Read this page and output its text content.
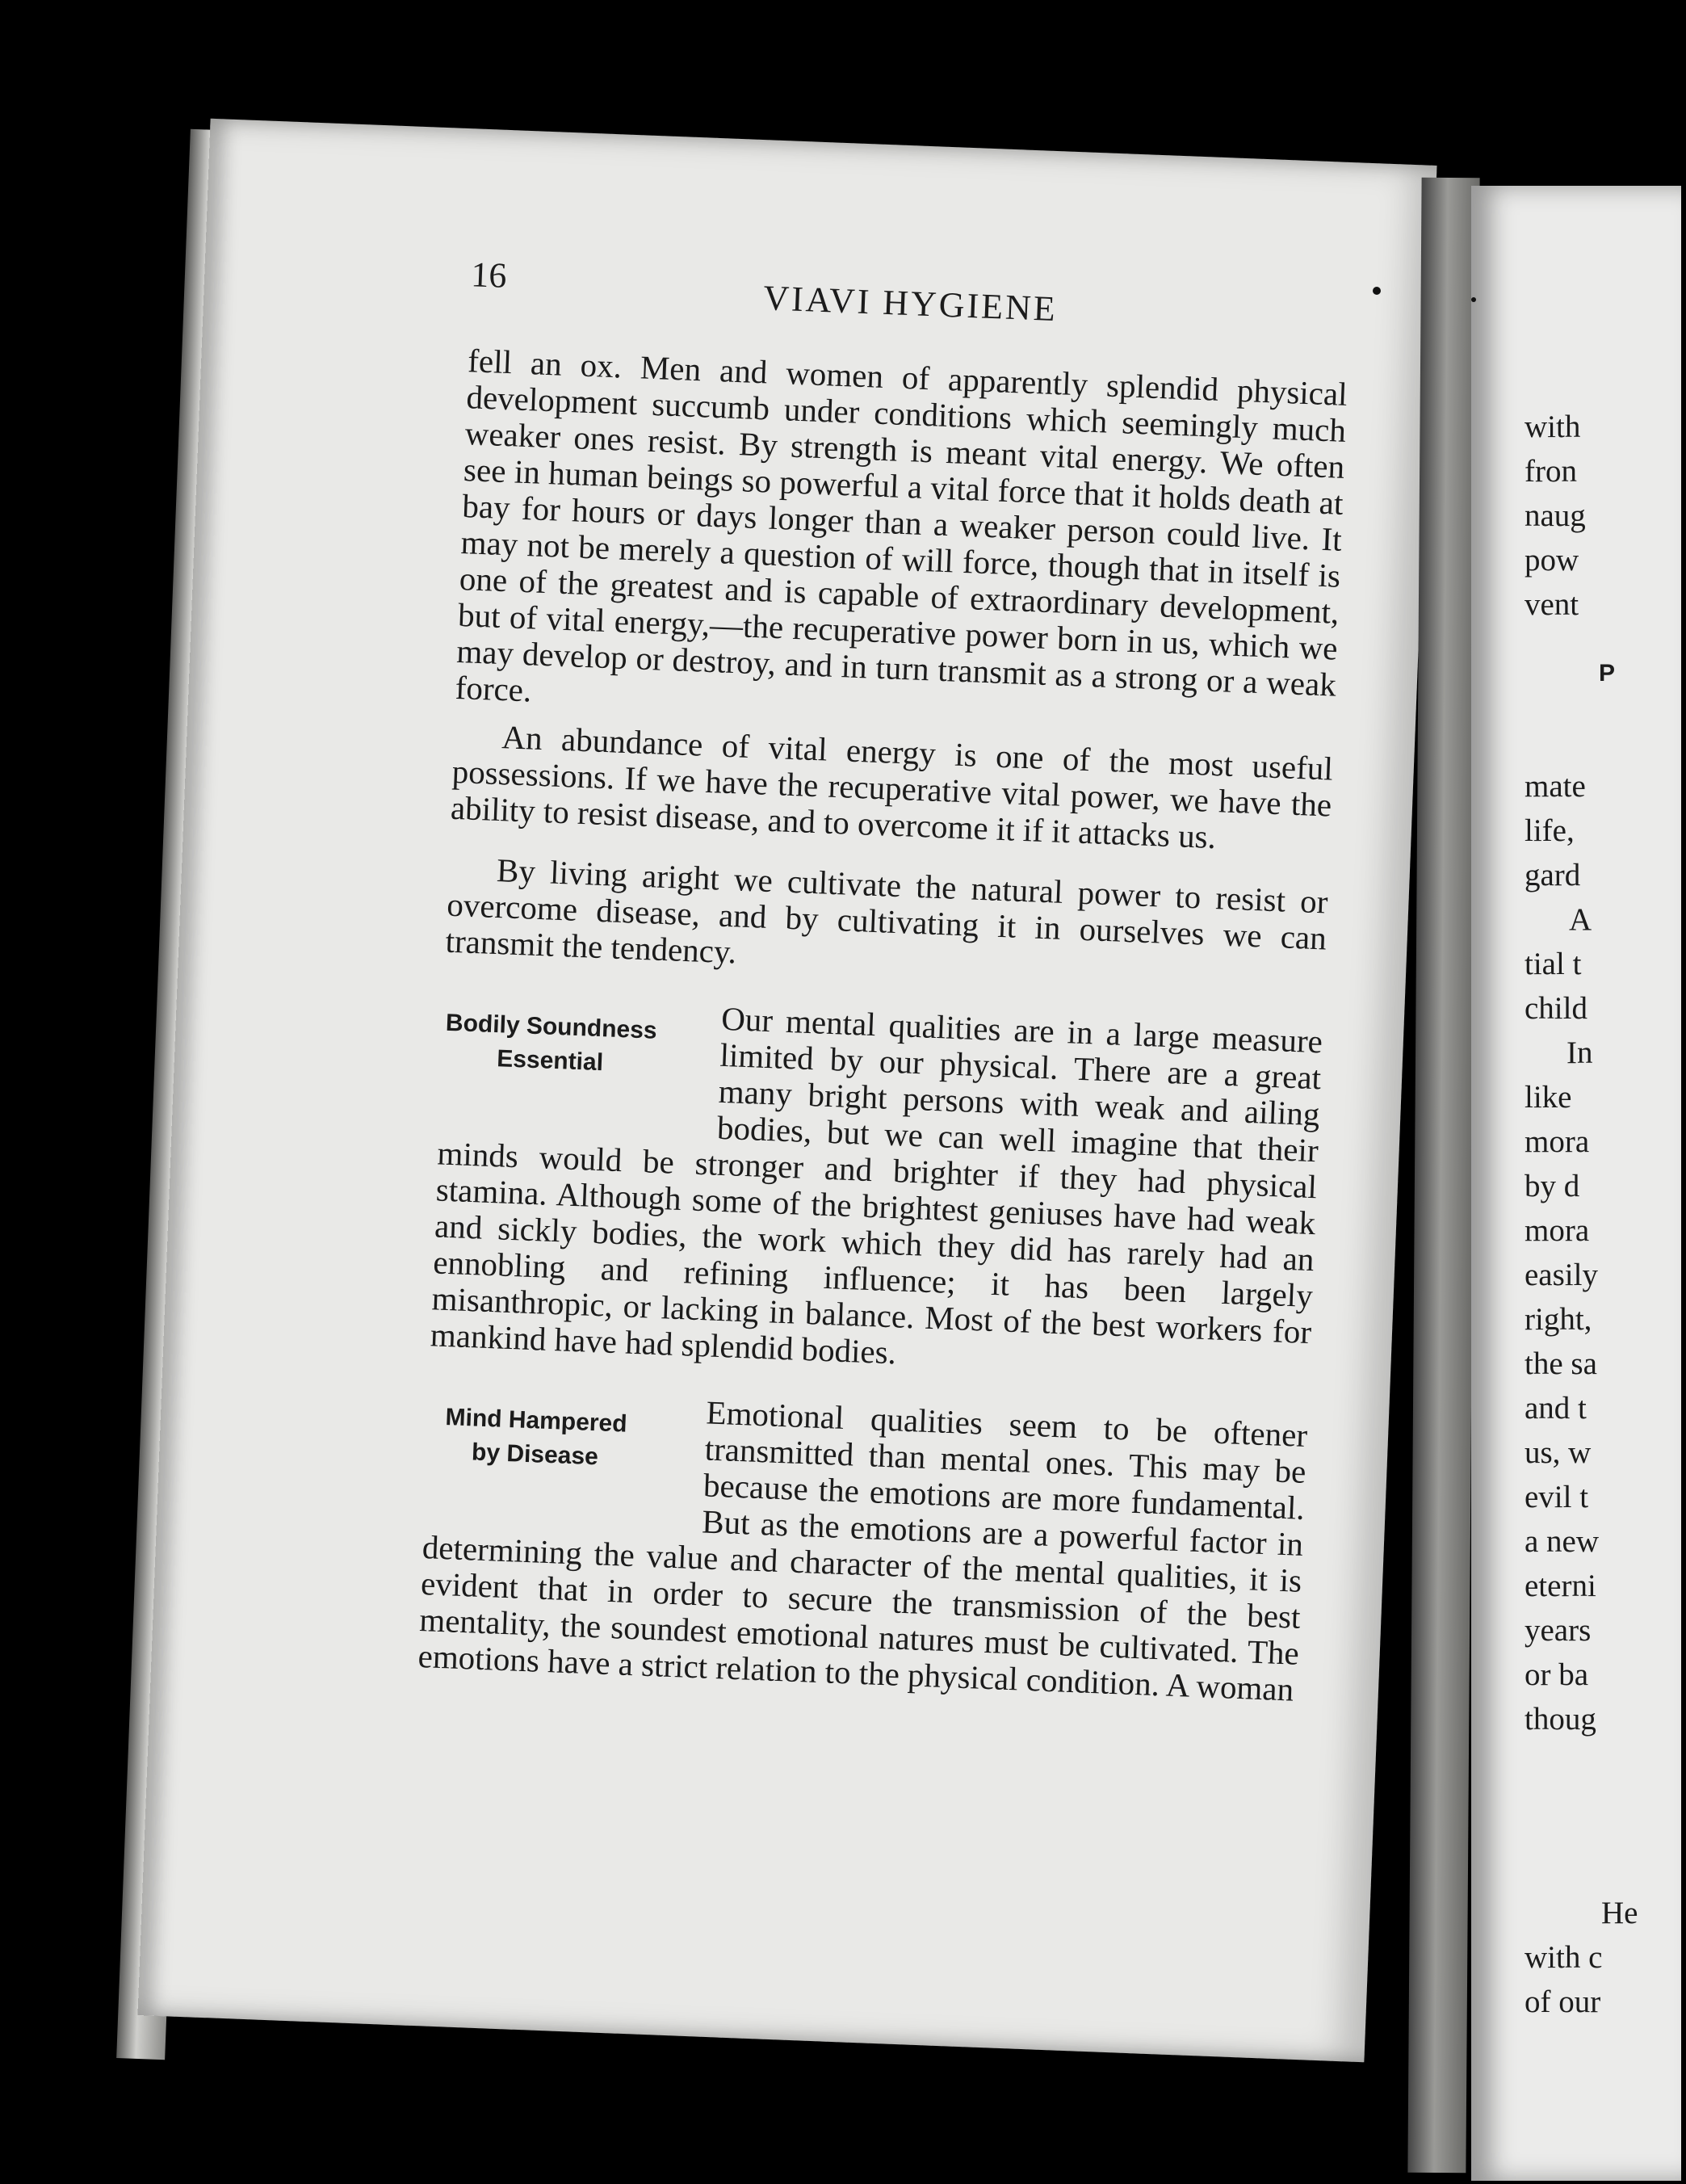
16
VIAVI HYGIENE

fell an ox. Men and women of apparently splendid physical development succumb under conditions which seemingly much weaker ones resist. By strength is meant vital energy. We often see in human beings so powerful a vital force that it holds death at bay for hours or days longer than a weaker person could live. It may not be merely a question of will force, though that in itself is one of the greatest and is capable of extraordinary development, but of vital energy,—the recuperative power born in us, which we may develop or destroy, and in turn transmit as a strong or a weak force.

An abundance of vital energy is one of the most useful possessions. If we have the recuperative vital power, we have the ability to resist disease, and to overcome it if it attacks us.

By living aright we cultivate the natural power to resist or overcome disease, and by cultivating it in ourselves we can transmit the tendency.

Bodily Soundness
Essential

Our mental qualities are in a large measure limited by our physical. There are a great many bright persons with weak and ailing bodies, but we can well imagine that their minds would be stronger and brighter if they had physical stamina. Although some of the brightest geniuses have had weak and sickly bodies, the work which they did has rarely had an ennobling and refining influence; it has been largely misanthropic, or lacking in balance. Most of the best workers for mankind have had splendid bodies.

Mind Hampered
by Disease

Emotional qualities seem to be oftener transmitted than mental ones. This may be because the emotions are more fundamental. But as the emotions are a powerful factor in determining the value and character of the mental qualities, it is evident that in order to secure the transmission of the best mentality, the soundest emotional natures must be cultivated. The emotions have a strict relation to the physical condition. A woman

with
fron
naug
pow
vent
P
mate
life,
gard
A
tial t
child
In
like
mora
by d
mora
easily
right,
the sa
and t
us, w
evil t
a new
eterni
years
or ba
thoug
He
with c
of our
